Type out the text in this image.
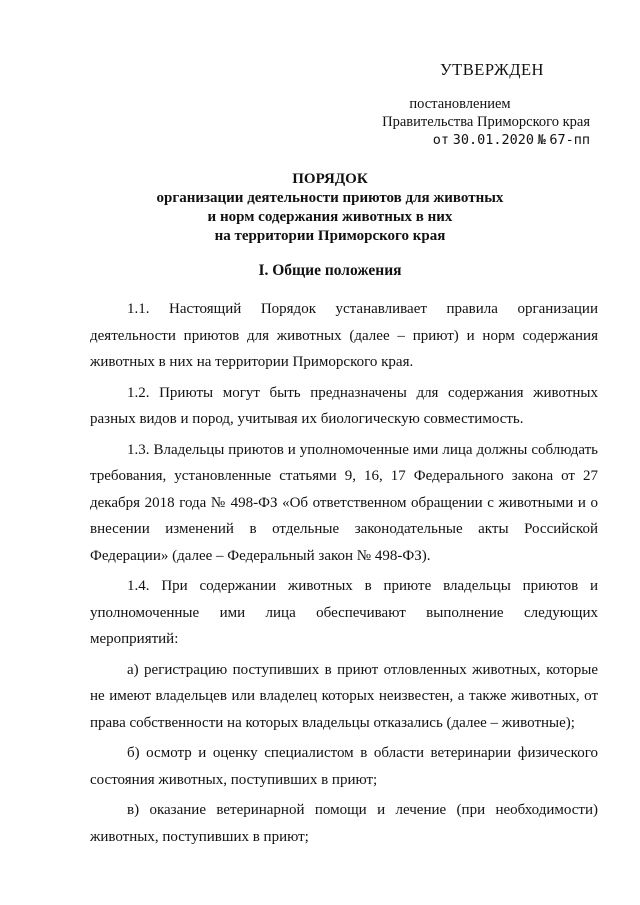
УТВЕРЖДЕН
постановлением
Правительства Приморского края
от 30.01.2020 № 67-пп
ПОРЯДОК
организации деятельности приютов для животных
и норм содержания животных в них
на территории Приморского края
I. Общие положения

1.1. Настоящий Порядок устанавливает правила организации деятельности приютов для животных (далее – приют) и норм содержания животных в них на территории Приморского края.

1.2. Приюты могут быть предназначены для содержания животных разных видов и пород, учитывая их биологическую совместимость.

1.3. Владельцы приютов и уполномоченные ими лица должны соблюдать требования, установленные статьями 9, 16, 17 Федерального закона от 27 декабря 2018 года № 498-ФЗ «Об ответственном обращении с животными и о внесении изменений в отдельные законодательные акты Российской Федерации» (далее – Федеральный закон № 498-ФЗ).

1.4. При содержании животных в приюте владельцы приютов и уполномоченные ими лица обеспечивают выполнение следующих мероприятий:

а) регистрацию поступивших в приют отловленных животных, которые не имеют владельцев или владелец которых неизвестен, а также животных, от права собственности на которых владельцы отказались (далее – животные);

б) осмотр и оценку специалистом в области ветеринарии физического состояния животных, поступивших в приют;

в) оказание ветеринарной помощи и лечение (при необходимости) животных, поступивших в приют;
